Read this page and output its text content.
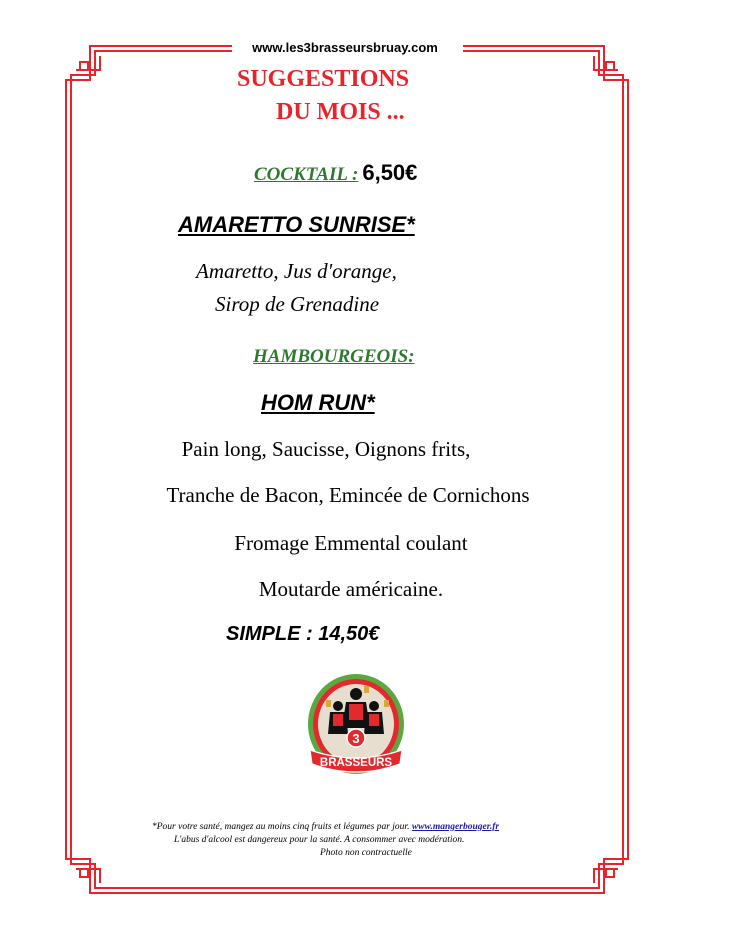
www.les3brasseursbruay.com
SUGGESTIONS
DU MOIS ...
COCKTAIL : 6,50€
AMARETTO SUNRISE*
Amaretto, Jus d'orange,
Sirop de Grenadine
HAMBOURGEOIS:
HOM RUN*
Pain long, Saucisse, Oignons frits,
Tranche de Bacon, Emincée de Cornichons
Fromage Emmental coulant
Moutarde américaine.
SIMPLE : 14,50€
3
BRASSEURS
*Pour votre santé, mangez au moins cinq fruits et légumes par jour. www.mangerbouger.fr
L'abus d'alcool est dangereux pour la santé. A consommer avec modération.
Photo non contractuelle
